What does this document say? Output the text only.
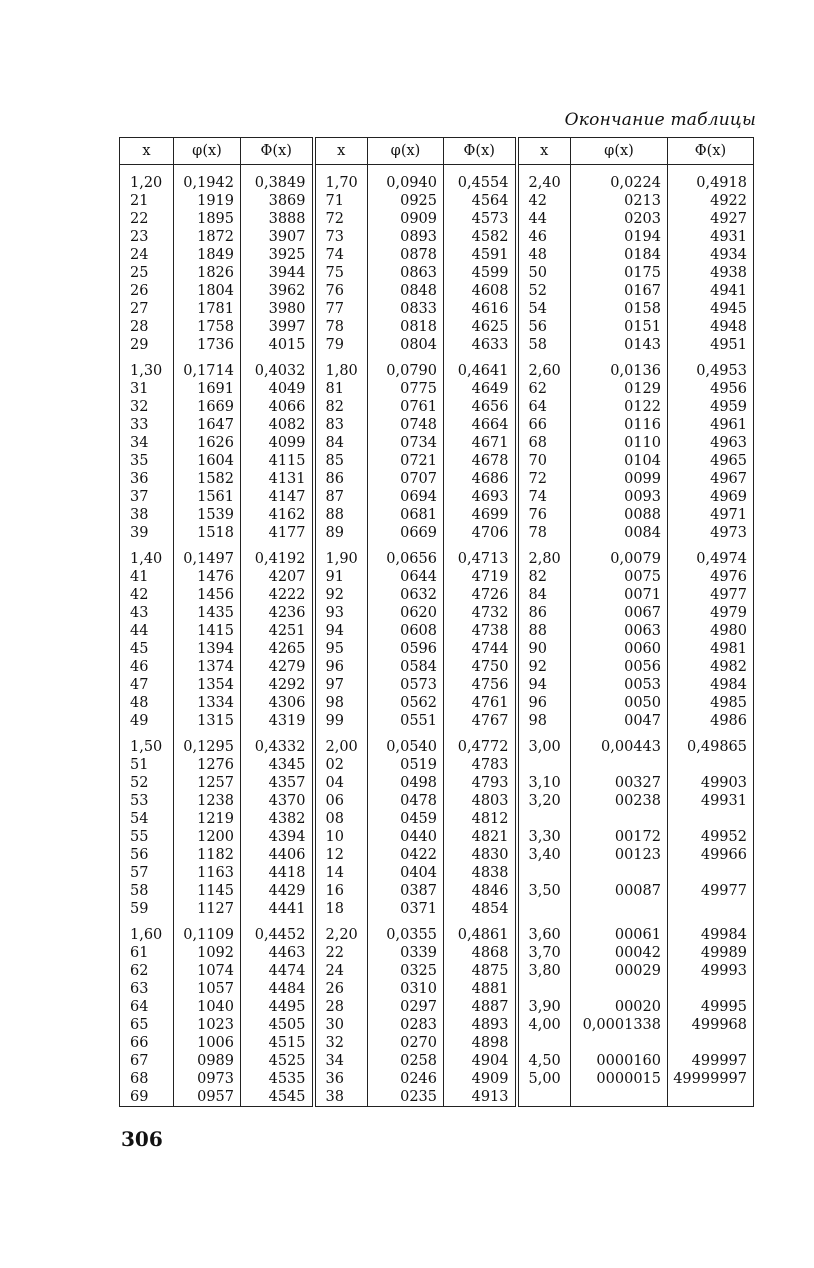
Окончание таблицы
x	φ(x)	Φ(x)	x	φ(x)	Φ(x)	x	φ(x)	Φ(x)
1,20	0,1942	0,3849	1,70	0,0940	0,4554	2,40	0,0224	0,4918
21	1919	3869	71	0925	4564	42	0213	4922
22	1895	3888	72	0909	4573	44	0203	4927
23	1872	3907	73	0893	4582	46	0194	4931
24	1849	3925	74	0878	4591	48	0184	4934
25	1826	3944	75	0863	4599	50	0175	4938
26	1804	3962	76	0848	4608	52	0167	4941
27	1781	3980	77	0833	4616	54	0158	4945
28	1758	3997	78	0818	4625	56	0151	4948
29	1736	4015	79	0804	4633	58	0143	4951

1,30	0,1714	0,4032	1,80	0,0790	0,4641	2,60	0,0136	0,4953
31	1691	4049	81	0775	4649	62	0129	4956
32	1669	4066	82	0761	4656	64	0122	4959
33	1647	4082	83	0748	4664	66	0116	4961
34	1626	4099	84	0734	4671	68	0110	4963
35	1604	4115	85	0721	4678	70	0104	4965
36	1582	4131	86	0707	4686	72	0099	4967
37	1561	4147	87	0694	4693	74	0093	4969
38	1539	4162	88	0681	4699	76	0088	4971
39	1518	4177	89	0669	4706	78	0084	4973

1,40	0,1497	0,4192	1,90	0,0656	0,4713	2,80	0,0079	0,4974
41	1476	4207	91	0644	4719	82	0075	4976
42	1456	4222	92	0632	4726	84	0071	4977
43	1435	4236	93	0620	4732	86	0067	4979
44	1415	4251	94	0608	4738	88	0063	4980
45	1394	4265	95	0596	4744	90	0060	4981
46	1374	4279	96	0584	4750	92	0056	4982
47	1354	4292	97	0573	4756	94	0053	4984
48	1334	4306	98	0562	4761	96	0050	4985
49	1315	4319	99	0551	4767	98	0047	4986

1,50	0,1295	0,4332	2,00	0,0540	0,4772	3,00	0,00443	0,49865
51	1276	4345	02	0519	4783			
52	1257	4357	04	0498	4793	3,10	00327	49903
53	1238	4370	06	0478	4803	3,20	00238	49931
54	1219	4382	08	0459	4812			
55	1200	4394	10	0440	4821	3,30	00172	49952
56	1182	4406	12	0422	4830	3,40	00123	49966
57	1163	4418	14	0404	4838			
58	1145	4429	16	0387	4846	3,50	00087	49977
59	1127	4441	18	0371	4854			

1,60	0,1109	0,4452	2,20	0,0355	0,4861	3,60	00061	49984
61	1092	4463	22	0339	4868	3,70	00042	49989
62	1074	4474	24	0325	4875	3,80	00029	49993
63	1057	4484	26	0310	4881			
64	1040	4495	28	0297	4887	3,90	00020	49995
65	1023	4505	30	0283	4893	4,00	0,0001338	499968
66	1006	4515	32	0270	4898			
67	0989	4525	34	0258	4904	4,50	0000160	499997
68	0973	4535	36	0246	4909	5,00	0000015	49999997
69	0957	4545	38	0235	4913			
306
